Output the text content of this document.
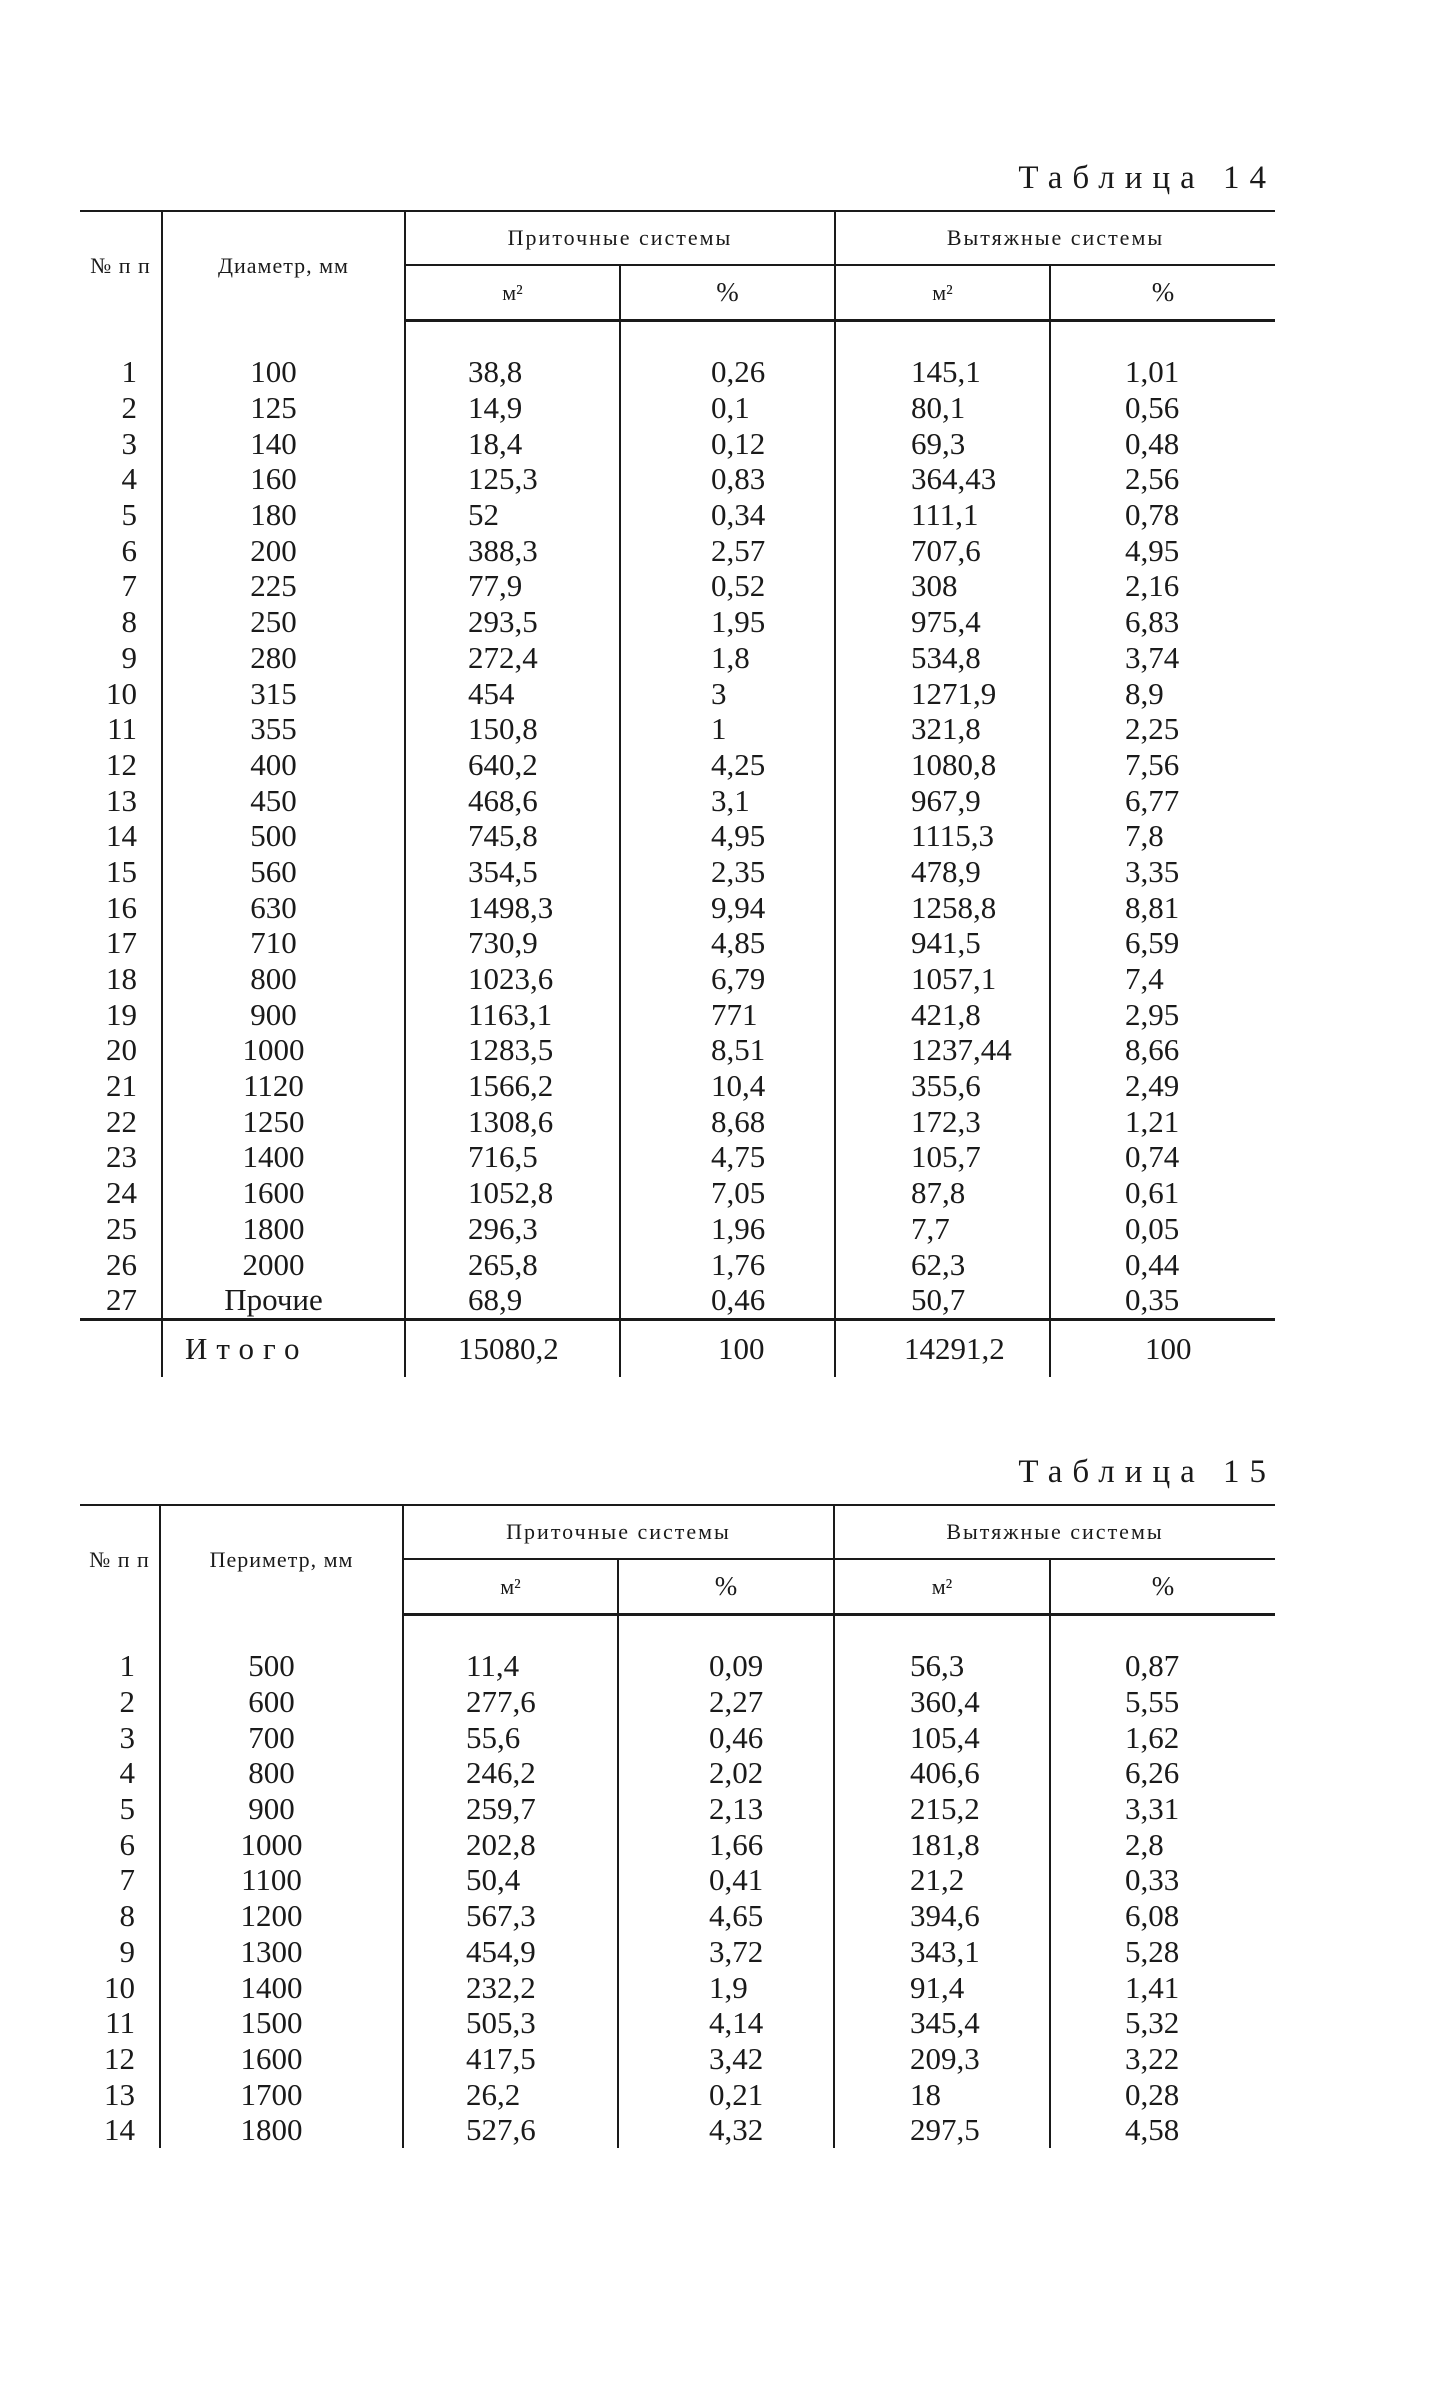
Таблица 14
№ п п	Диаметр, мм	Приточные системы		Вытяжные системы	
		м²	%	м²	%

1	100	38,8	0,26	145,1	1,01
2	125	14,9	0,1	80,1	0,56
3	140	18,4	0,12	69,3	0,48
4	160	125,3	0,83	364,43	2,56
5	180	52	0,34	111,1	0,78
6	200	388,3	2,57	707,6	4,95
7	225	77,9	0,52	308	2,16
8	250	293,5	1,95	975,4	6,83
9	280	272,4	1,8	534,8	3,74
10	315	454	3	1271,9	8,9
11	355	150,8	1	321,8	2,25
12	400	640,2	4,25	1080,8	7,56
13	450	468,6	3,1	967,9	6,77
14	500	745,8	4,95	1115,3	7,8
15	560	354,5	2,35	478,9	3,35
16	630	1498,3	9,94	1258,8	8,81
17	710	730,9	4,85	941,5	6,59
18	800	1023,6	6,79	1057,1	7,4
19	900	1163,1	771	421,8	2,95
20	1000	1283,5	8,51	1237,44	8,66
21	1120	1566,2	10,4	355,6	2,49
22	1250	1308,6	8,68	172,3	1,21
23	1400	716,5	4,75	105,7	0,74
24	1600	1052,8	7,05	87,8	0,61
25	1800	296,3	1,96	7,7	0,05
26	2000	265,8	1,76	62,3	0,44
27	Прочие	68,9	0,46	50,7	0,35
	Итого	15080,2	100	14291,2	100
Таблица 15
№ п п	Периметр, мм	Приточные системы		Вытяжные системы	
		м²	%	м²	%

1	500	11,4	0,09	56,3	0,87
2	600	277,6	2,27	360,4	5,55
3	700	55,6	0,46	105,4	1,62
4	800	246,2	2,02	406,6	6,26
5	900	259,7	2,13	215,2	3,31
6	1000	202,8	1,66	181,8	2,8
7	1100	50,4	0,41	21,2	0,33
8	1200	567,3	4,65	394,6	6,08
9	1300	454,9	3,72	343,1	5,28
10	1400	232,2	1,9	91,4	1,41
11	1500	505,3	4,14	345,4	5,32
12	1600	417,5	3,42	209,3	3,22
13	1700	26,2	0,21	18	0,28
14	1800	527,6	4,32	297,5	4,58
